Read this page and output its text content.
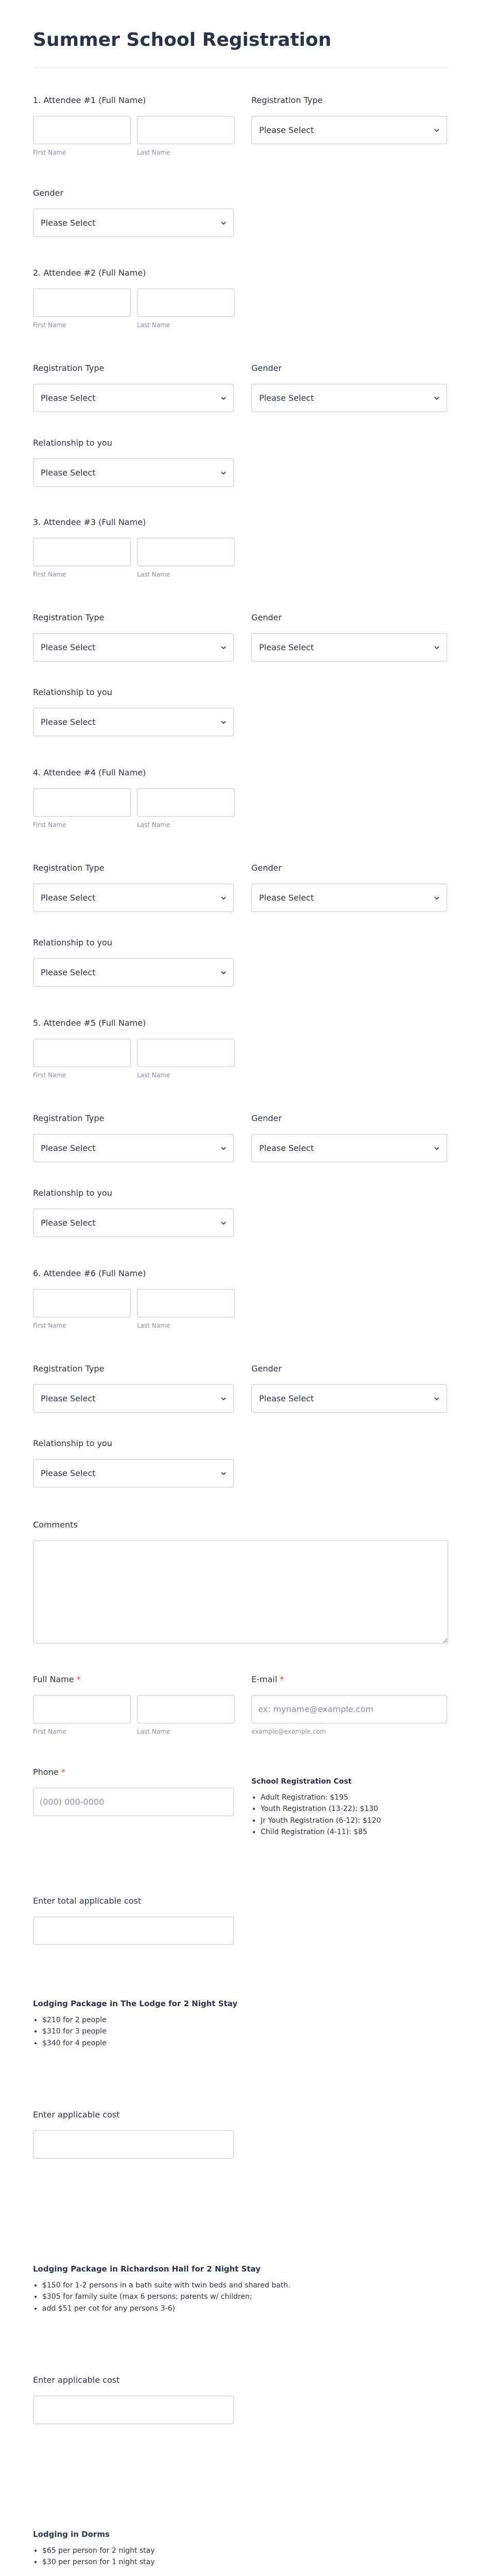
Summer School Registration
1. Attendee #1 (Full Name)	Registration Type
First Name	Last Name
Please Select
Gender
Please Select
2. Attendee #2 (Full Name)
First Name	Last Name
Registration Type	Gender
Please Select	Please Select
Relationship to you
Please Select
3. Attendee #3 (Full Name)
First Name	Last Name
Registration Type	Gender
Please Select	Please Select
Relationship to you
Please Select
4. Attendee #4 (Full Name)
First Name	Last Name
Registration Type	Gender
Please Select	Please Select
Relationship to you
Please Select
5. Attendee #5 (Full Name)
First Name	Last Name
Registration Type	Gender
Please Select	Please Select
Relationship to you
Please Select
6. Attendee #6 (Full Name)
First Name	Last Name
Registration Type	Gender
Please Select	Please Select
Relationship to you
Please Select
Comments
Full Name *	E-mail *
First Name	Last Name
ex: myname@example.com	example@example.com
Phone *
(000) 000-0000
School Registration Cost
• Adult Registration: $195
• Youth Registration (13-22): $130
• Jr Youth Registration (6-12): $120
• Child Registration (4-11): $85
Enter total applicable cost
Lodging Package in The Lodge for 2 Night Stay
• $210 for 2 people
• $310 for 3 people
• $340 for 4 people
Enter applicable cost
Lodging Package in Richardson Hall for 2 Night Stay
• $150 for 1-2 persons in a bath suite with twin beds and shared bath.
• $305 for family suite (max 6 persons; parents w/ children;
• add $51 per cot for any persons 3-6)
Enter applicable cost
Lodging in Dorms
• $65 per person for 2 night stay
• $30 per person for 1 night stay
